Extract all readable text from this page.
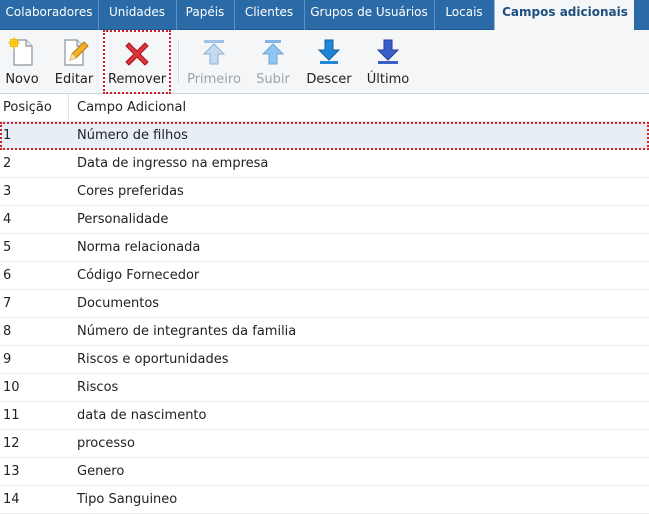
Colaboradores	Unidades	Papéis	Clientes	Grupos de Usuários	Locais	Campos adicionais
Novo	Editar	Remover Primeiro	Subir	Descer	Último
Posição Campo Adicional
1	Número de filhos
2	Data de ingresso na empresa
3	Cores preferidas
4	Personalidade
5	Norma relacionada
6	Código Fornecedor
7	Documentos
8	Número de integrantes da familia
9	Riscos e oportunidades
10	Riscos
11	data de nascimento
12	processo
13	Genero
14	Tipo Sanguineo
